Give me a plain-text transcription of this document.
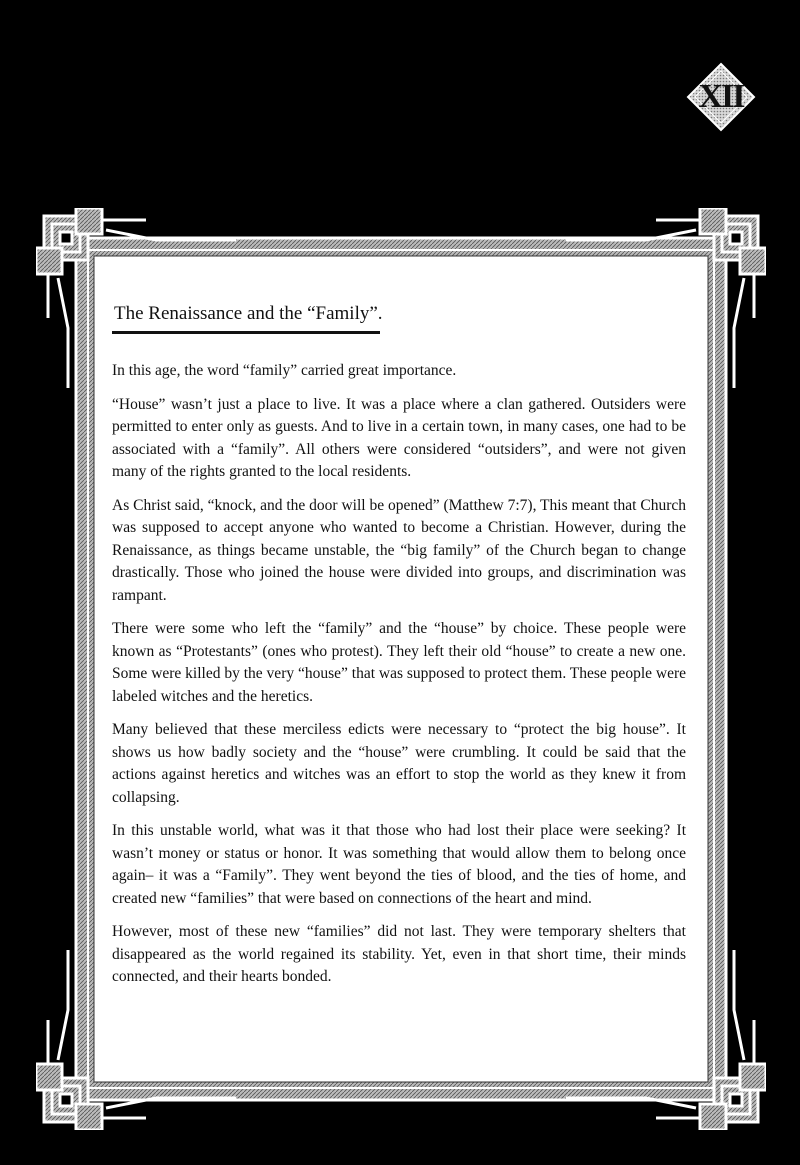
XII
The Renaissance and the “Family”.

In this age, the word “family” carried great importance.

“House” wasn’t just a place to live. It was a place where a clan gathered. Outsiders were permitted to enter only as guests. And to live in a certain town, in many cases, one had to be associated with a “family”. All others were considered “outsiders”, and were not given many of the rights granted to the local residents.

As Christ said, “knock, and the door will be opened” (Matthew 7:7), This meant that Church was supposed to accept anyone who wanted to become a Christian. However, during the Renaissance, as things became unstable, the “big family” of the Church began to change drastically. Those who joined the house were divided into groups, and discrimination was rampant.

There were some who left the “family” and the “house” by choice. These people were known as “Protestants” (ones who protest). They left their old “house” to create a new one. Some were killed by the very “house” that was supposed to protect them. These people were labeled witches and the heretics.

Many believed that these merciless edicts were necessary to “protect the big house”. It shows us how badly society and the “house” were crumbling. It could be said that the actions against heretics and witches was an effort to stop the world as they knew it from collapsing.

In this unstable world, what was it that those who had lost their place were seeking? It wasn’t money or status or honor. It was something that would allow them to belong once again– it was a “Family”. They went beyond the ties of blood, and the ties of home, and created new “families” that were based on connections of the heart and mind.

However, most of these new “families” did not last. They were temporary shelters that disappeared as the world regained its stability. Yet, even in that short time, their minds connected, and their hearts bonded.
